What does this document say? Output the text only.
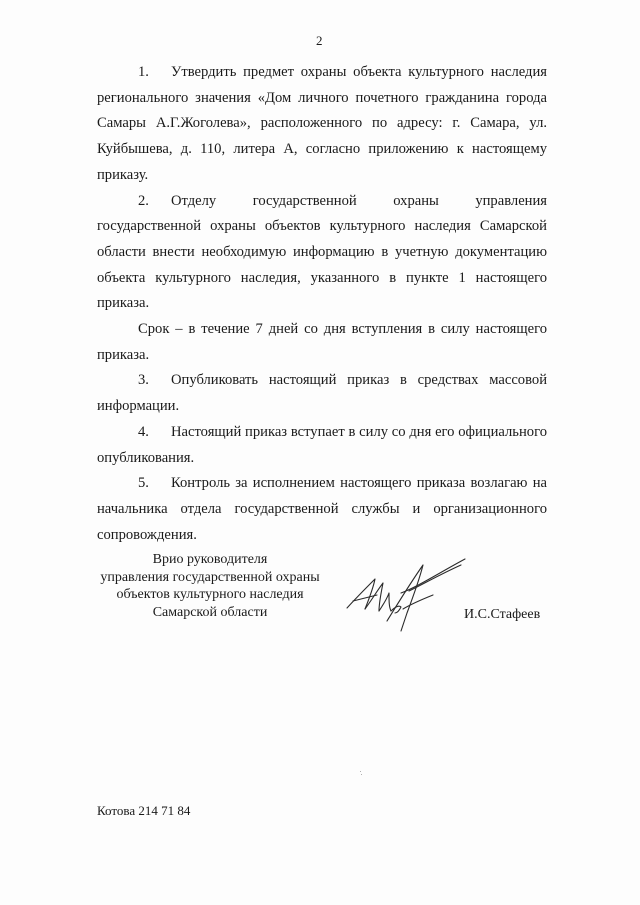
2

1. Утвердить предмет охраны объекта культурного наследия регионального значения «Дом личного почетного гражданина города Самары А.Г.Жоголева», расположенного по адресу: г. Самара, ул. Куйбышева, д. 110, литера А, согласно приложению к настоящему приказу.

2. Отделу государственной охраны управления государственной охраны объектов культурного наследия Самарской области внести необходимую информацию в учетную документацию объекта культурного наследия, указанного в пункте 1 настоящего приказа.

Срок – в течение 7 дней со дня вступления в силу настоящего приказа.

3. Опубликовать настоящий приказ в средствах массовой информации.

4. Настоящий приказ вступает в силу со дня его официального опубликования.

5. Контроль за исполнением настоящего приказа возлагаю на начальника отдела государственной службы и организационного сопровождения.

Врио руководителя
управления государственной охраны
объектов культурного наследия
Самарской области	И.С.Стафеев
Котова 214 71 84
